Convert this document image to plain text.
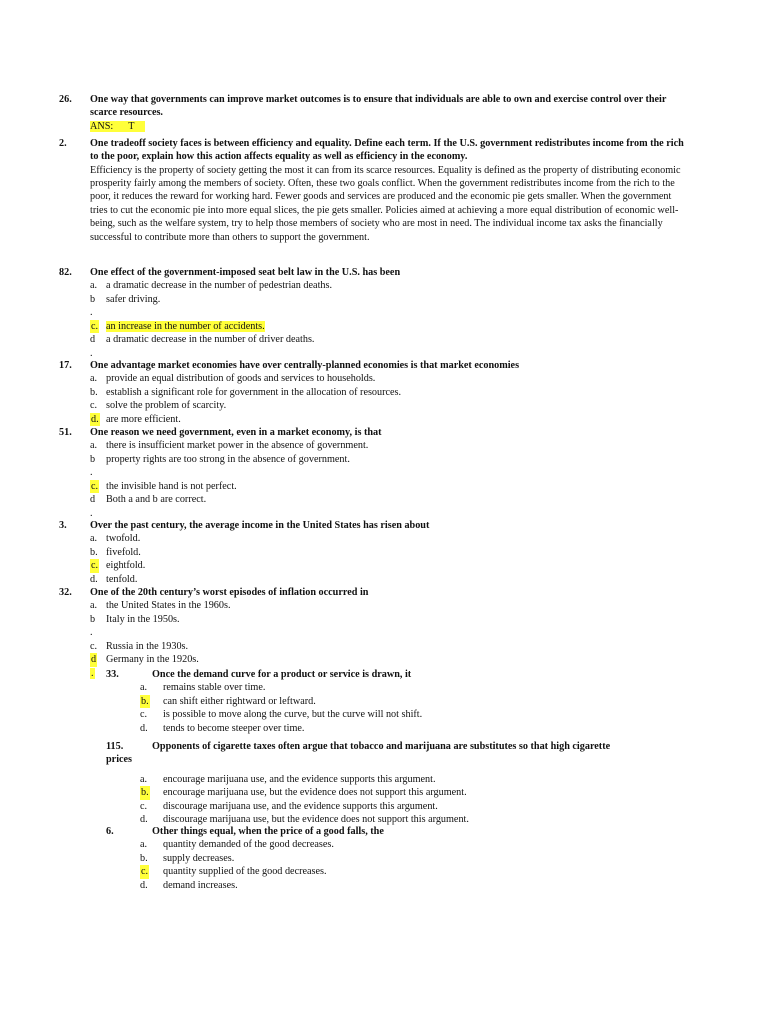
26.	One way that governments can improve market outcomes is to ensure that individuals are able to own and exercise control over their scarce resources.
ANS:      T
2.	One tradeoff society faces is between efficiency and equality. Define each term. If the U.S. government redistributes income from the rich to the poor, explain how this action affects equality as well as efficiency in the economy.
Efficiency is the property of society getting the most it can from its scarce resources. Equality is defined as the property of distributing economic prosperity fairly among the members of society. Often, these two goals conflict. When the government redistributes income from the rich to the poor, it reduces the reward for working hard. Fewer goods and services are produced and the economic pie gets smaller. When the government tries to cut the economic pie into more equal slices, the pie gets smaller. Policies aimed at achieving a more equal distribution of economic well-being, such as the welfare system, try to help those members of society who are most in need. The individual income tax asks the financially successful to contribute more than others to support the government.
82.	One effect of the government-imposed seat belt law in the U.S. has been
a. a dramatic decrease in the number of pedestrian deaths.
b	safer driving.
.
c. an increase in the number of accidents.
d	a dramatic decrease in the number of driver deaths.
.
17.	One advantage market economies have over centrally-planned economies is that market economies
a. provide an equal distribution of goods and services to households.
b. establish a significant role for government in the allocation of resources.
c. solve the problem of scarcity.
d. are more efficient.
51.	One reason we need government, even in a market economy, is that
a. there is insufficient market power in the absence of government.
b	property rights are too strong in the absence of government.
.
c. the invisible hand is not perfect.
d	Both a and b are correct.
.
3.	Over the past century, the average income in the United States has risen about
a. twofold.
b. fivefold.
c. eightfold.
d. tenfold.
32.	One of the 20th century’s worst episodes of inflation occurred in
a. the United States in the 1960s.
b	Italy in the 1950s.
.
c. Russia in the 1930s.
d Germany in the 1920s.
. 33.	Once the demand curve for a product or service is drawn, it
a.	remains stable over time.
b.	can shift either rightward or leftward.
c.	is possible to move along the curve, but the curve will not shift.
d.	tends to become steeper over time.
115.	Opponents of cigarette taxes often argue that tobacco and marijuana are substitutes so that high cigarette
prices
a.	encourage marijuana use, and the evidence supports this argument.
b.	encourage marijuana use, but the evidence does not support this argument.
c.	discourage marijuana use, and the evidence supports this argument.
d.	discourage marijuana use, but the evidence does not support this argument.
6.	Other things equal, when the price of a good falls, the
a.	quantity demanded of the good decreases.
b.	supply decreases.
c.	quantity supplied of the good decreases.
d.	demand increases.
